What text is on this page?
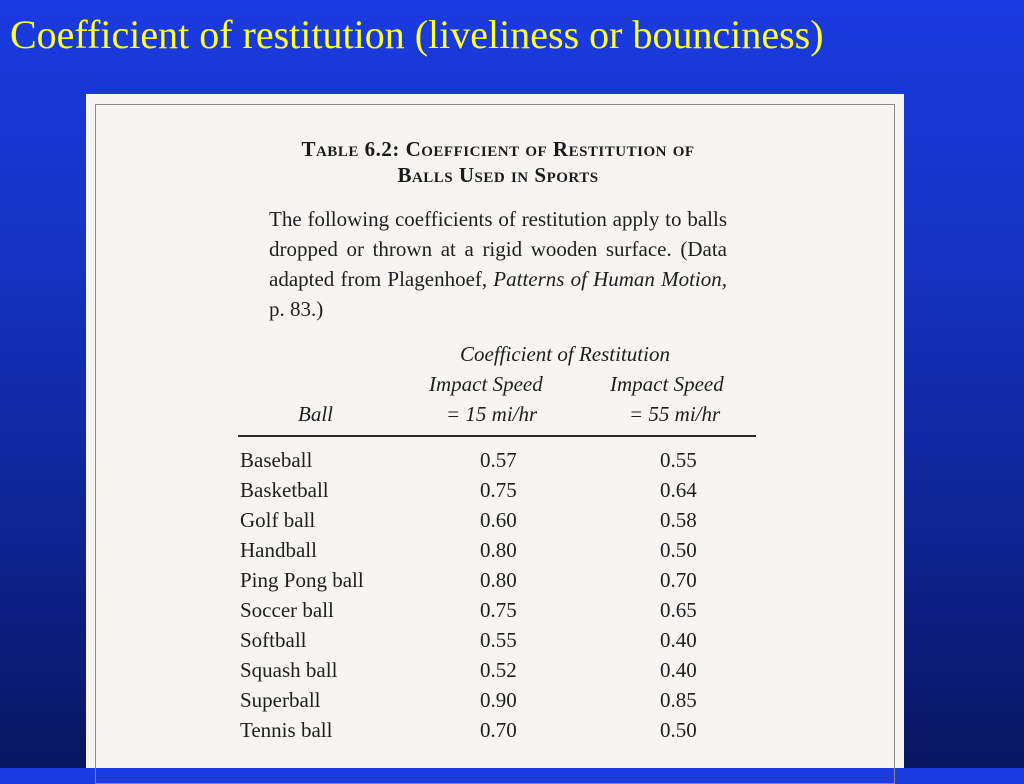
Coefficient of restitution (liveliness or bounciness)
Table 6.2: Coefficient of Restitution of
Balls Used in Sports

The following coefficients of restitution apply to balls dropped or thrown at a rigid wooden surface. (Data adapted from Plagenhoef, Patterns of Human Motion, p. 83.)

Coefficient of Restitution
Impact Speed	Impact Speed
Ball	= 15 mi/hr	= 55 mi/hr
Baseball	0.57	0.55
Basketball	0.75	0.64
Golf ball	0.60	0.58
Handball	0.80	0.50
Ping Pong ball	0.80	0.70
Soccer ball	0.75	0.65
Softball	0.55	0.40
Squash ball	0.52	0.40
Superball	0.90	0.85
Tennis ball	0.70	0.50
